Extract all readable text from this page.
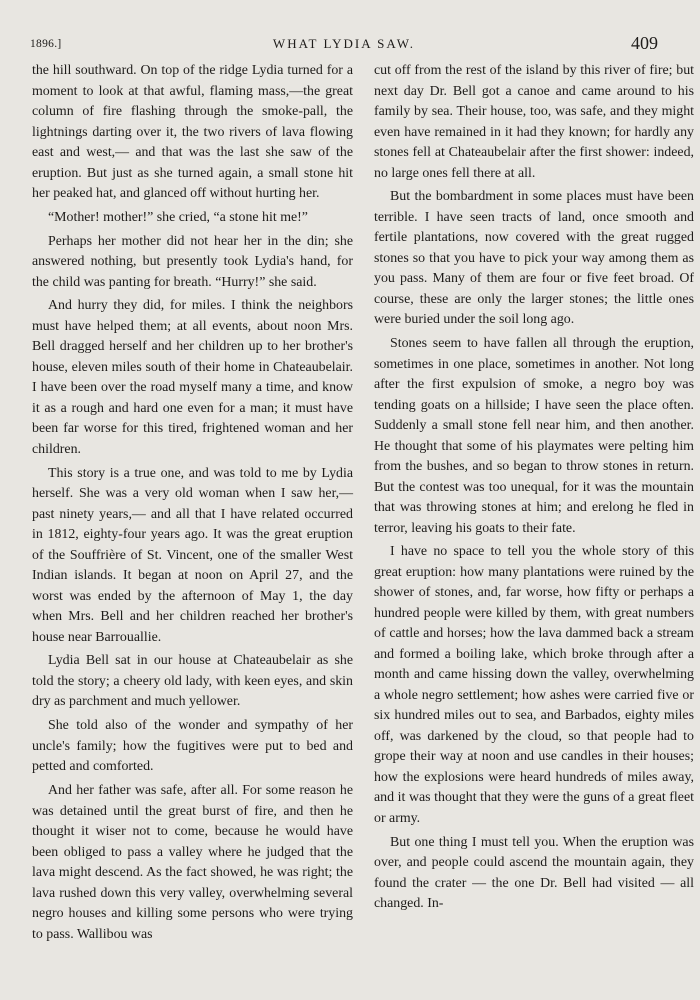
1896.]	WHAT LYDIA SAW.	409

the hill southward. On top of the ridge Lydia turned for a moment to look at that awful, flaming mass,—the great column of fire flashing through the smoke-pall, the lightnings darting over it, the two rivers of lava flowing east and west,— and that was the last she saw of the eruption. But just as she turned again, a small stone hit her peaked hat, and glanced off without hurting her.

“Mother! mother!” she cried, “a stone hit me!”

Perhaps her mother did not hear her in the din; she answered nothing, but presently took Lydia's hand, for the child was panting for breath. “Hurry!” she said.

And hurry they did, for miles. I think the neighbors must have helped them; at all events, about noon Mrs. Bell dragged herself and her children up to her brother's house, eleven miles south of their home in Chateaubelair. I have been over the road myself many a time, and know it as a rough and hard one even for a man; it must have been far worse for this tired, frightened woman and her children.

This story is a true one, and was told to me by Lydia herself. She was a very old woman when I saw her,— past ninety years,— and all that I have related occurred in 1812, eighty-four years ago. It was the great eruption of the Souffrière of St. Vincent, one of the smaller West Indian islands. It began at noon on April 27, and the worst was ended by the afternoon of May 1, the day when Mrs. Bell and her children reached her brother's house near Barrouallie.

Lydia Bell sat in our house at Chateaubelair as she told the story; a cheery old lady, with keen eyes, and skin dry as parchment and much yellower.

She told also of the wonder and sympathy of her uncle's family; how the fugitives were put to bed and petted and comforted.

And her father was safe, after all. For some reason he was detained until the great burst of fire, and then he thought it wiser not to come, because he would have been obliged to pass a valley where he judged that the lava might descend. As the fact showed, he was right; the lava rushed down this very valley, overwhelming several negro houses and killing some persons who were trying to pass. Wallibou was

cut off from the rest of the island by this river of fire; but next day Dr. Bell got a canoe and came around to his family by sea. Their house, too, was safe, and they might even have remained in it had they known; for hardly any stones fell at Chateaubelair after the first shower: indeed, no large ones fell there at all.

But the bombardment in some places must have been terrible. I have seen tracts of land, once smooth and fertile plantations, now covered with the great rugged stones so that you have to pick your way among them as you pass. Many of them are four or five feet broad. Of course, these are only the larger stones; the little ones were buried under the soil long ago.

Stones seem to have fallen all through the eruption, sometimes in one place, sometimes in another. Not long after the first expulsion of smoke, a negro boy was tending goats on a hillside; I have seen the place often. Suddenly a small stone fell near him, and then another. He thought that some of his playmates were pelting him from the bushes, and so began to throw stones in return. But the contest was too unequal, for it was the mountain that was throwing stones at him; and erelong he fled in terror, leaving his goats to their fate.

I have no space to tell you the whole story of this great eruption: how many plantations were ruined by the shower of stones, and, far worse, how fifty or perhaps a hundred people were killed by them, with great numbers of cattle and horses; how the lava dammed back a stream and formed a boiling lake, which broke through after a month and came hissing down the valley, overwhelming a whole negro settlement; how ashes were carried five or six hundred miles out to sea, and Barbados, eighty miles off, was darkened by the cloud, so that people had to grope their way at noon and use candles in their houses; how the explosions were heard hundreds of miles away, and it was thought that they were the guns of a great fleet or army.

But one thing I must tell you. When the eruption was over, and people could ascend the mountain again, they found the crater — the one Dr. Bell had visited — all changed. In-
